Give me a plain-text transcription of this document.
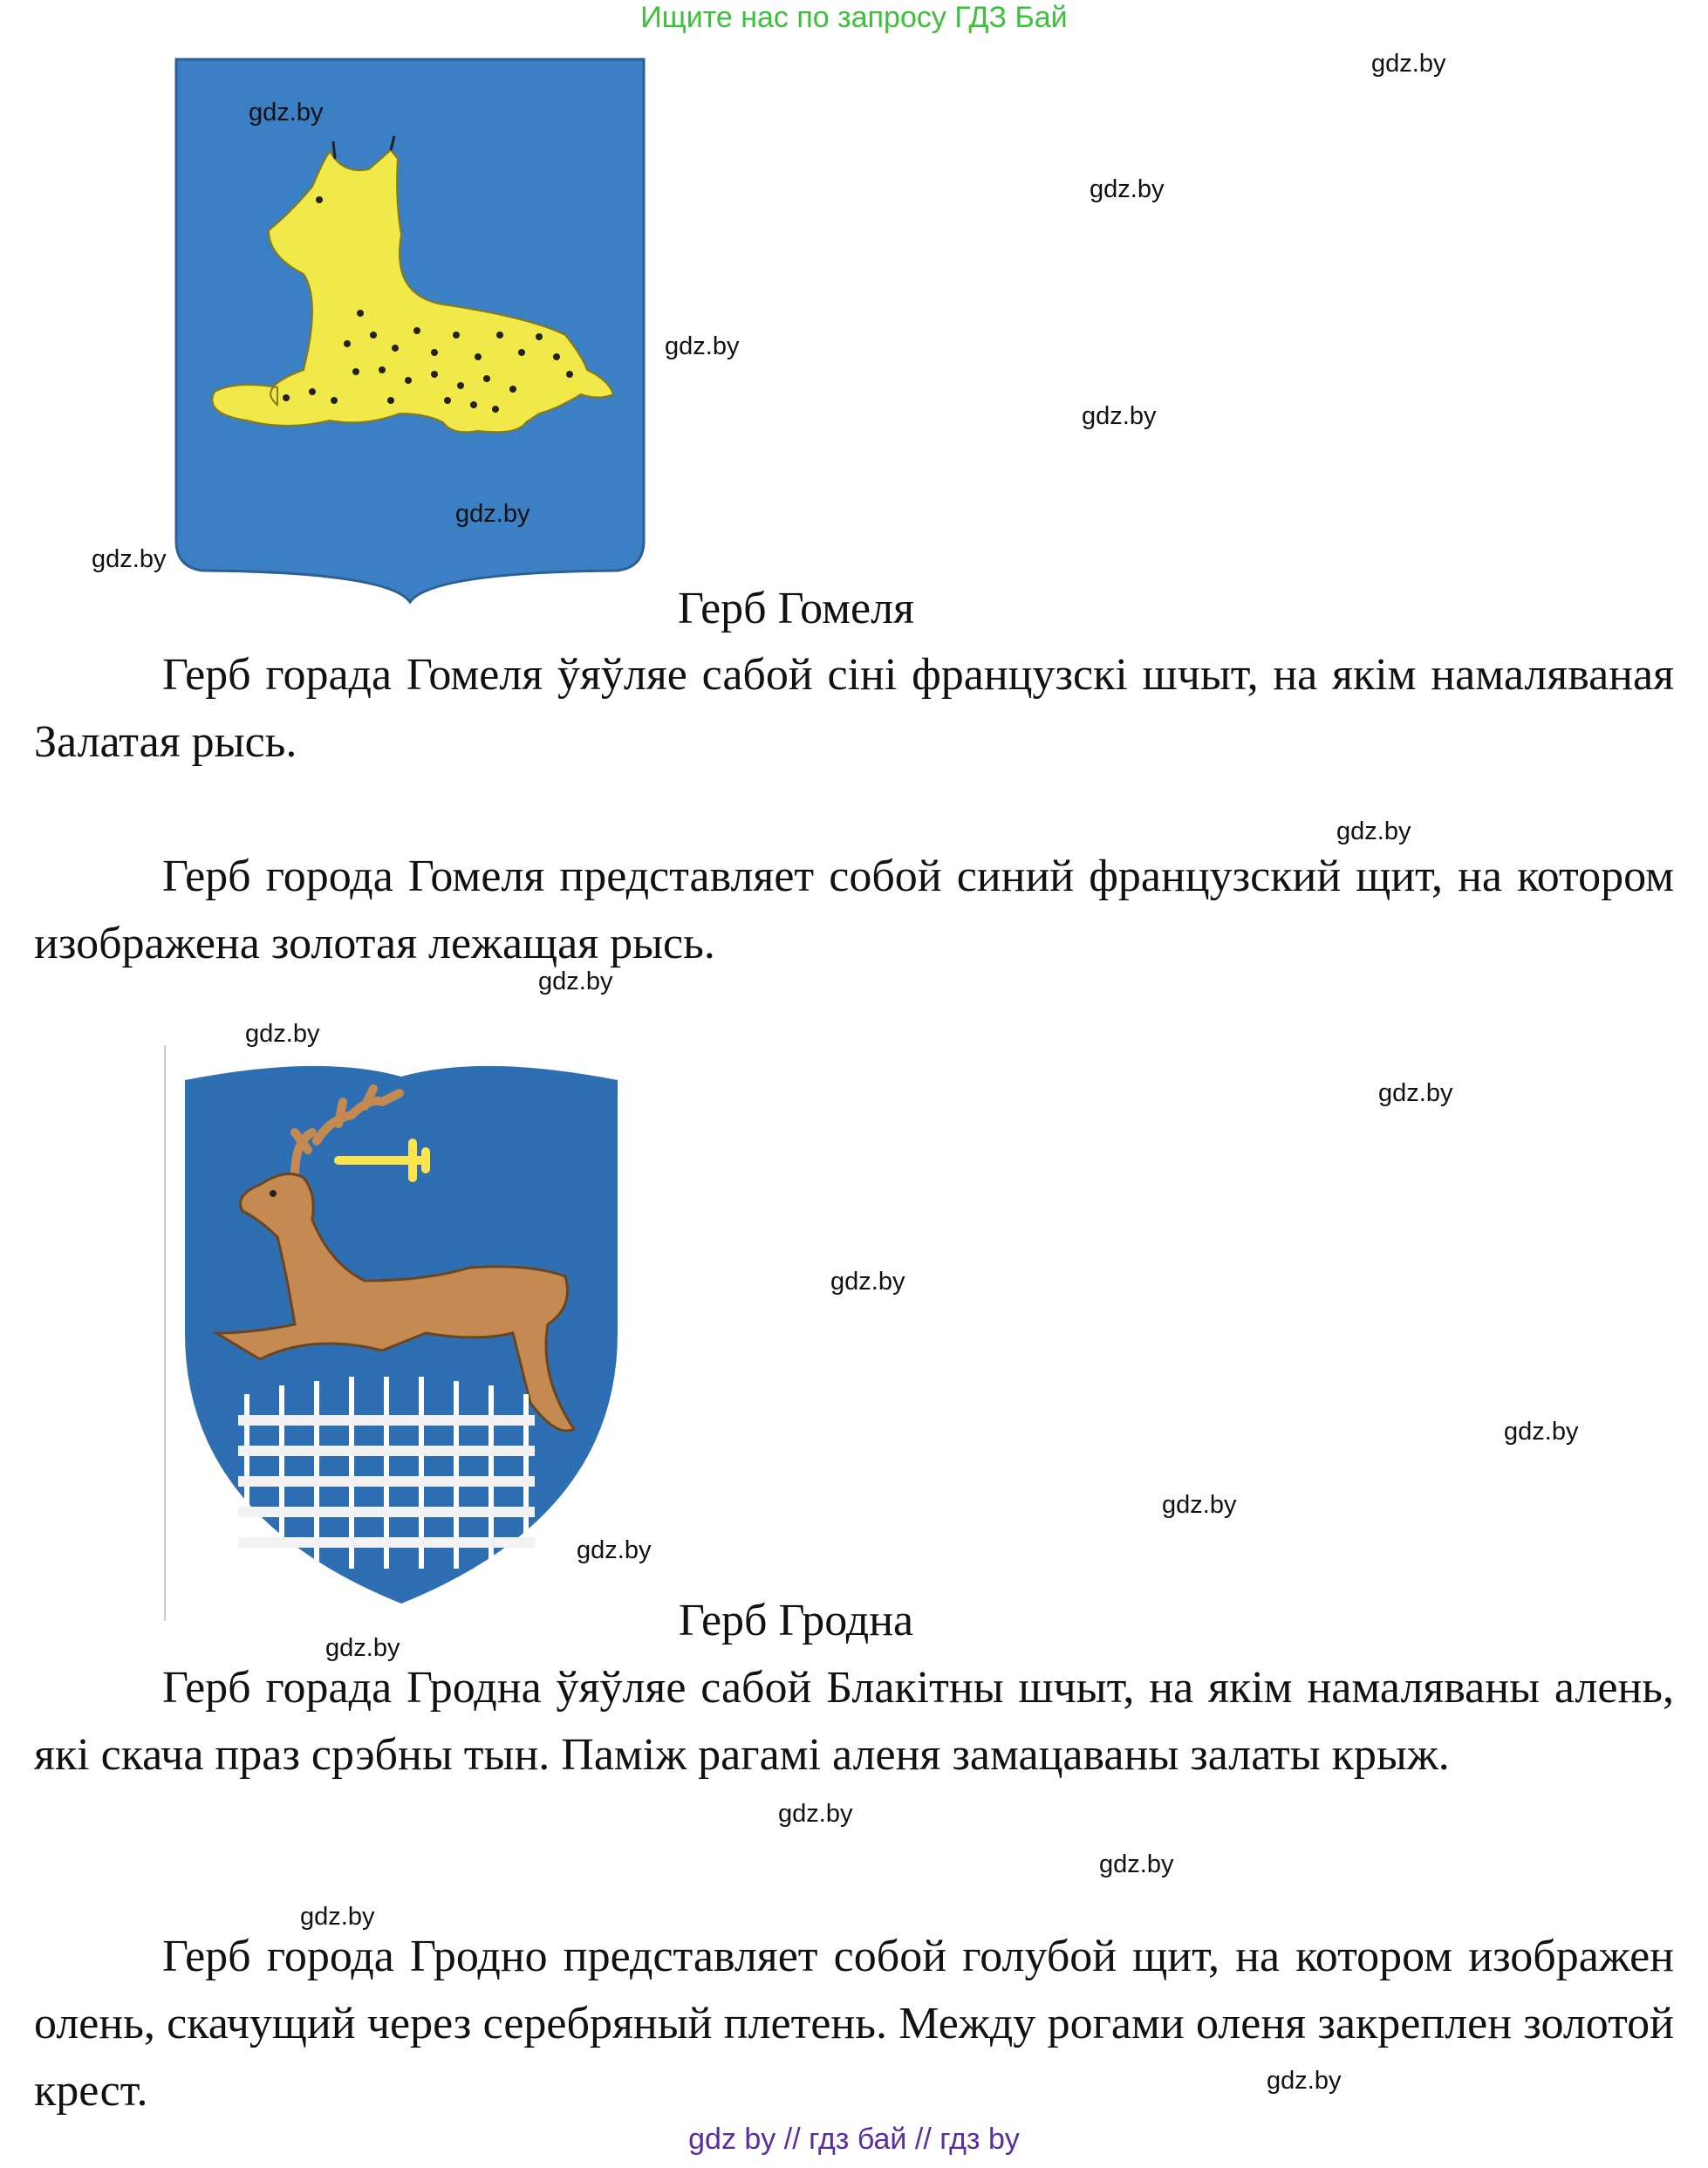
Ищите нас по запросу ГДЗ Бай
Герб Гомеля

Герб горада Гомеля ўяўляе сабой сіні французскі шчыт, на якім намаляваная Залатая рысь.

Герб города Гомеля представляет собой синий французский щит, на котором изображена золотая лежащая рысь.

Герб Гродна

Герб горада Гродна ўяўляе сабой Блакітны шчыт, на якім намаляваны алень, які скача праз срэбны тын. Паміж рагамі аленя замацаваны залаты крыж.

Герб города Гродно представляет собой голубой щит, на котором изображен олень, скачущий через серебряный плетень. Между рогами оленя закреплен золотой крест.

gdz.by
gdz.by
gdz.by
gdz.by
gdz.by
gdz.by
gdz.by
gdz.by
gdz.by
gdz.by
gdz.by
gdz.by
gdz.by
gdz.by
gdz.by
gdz.by
gdz.by
gdz.by
gdz.by
gdz.by
gdz by // гдз бай // гдз by
